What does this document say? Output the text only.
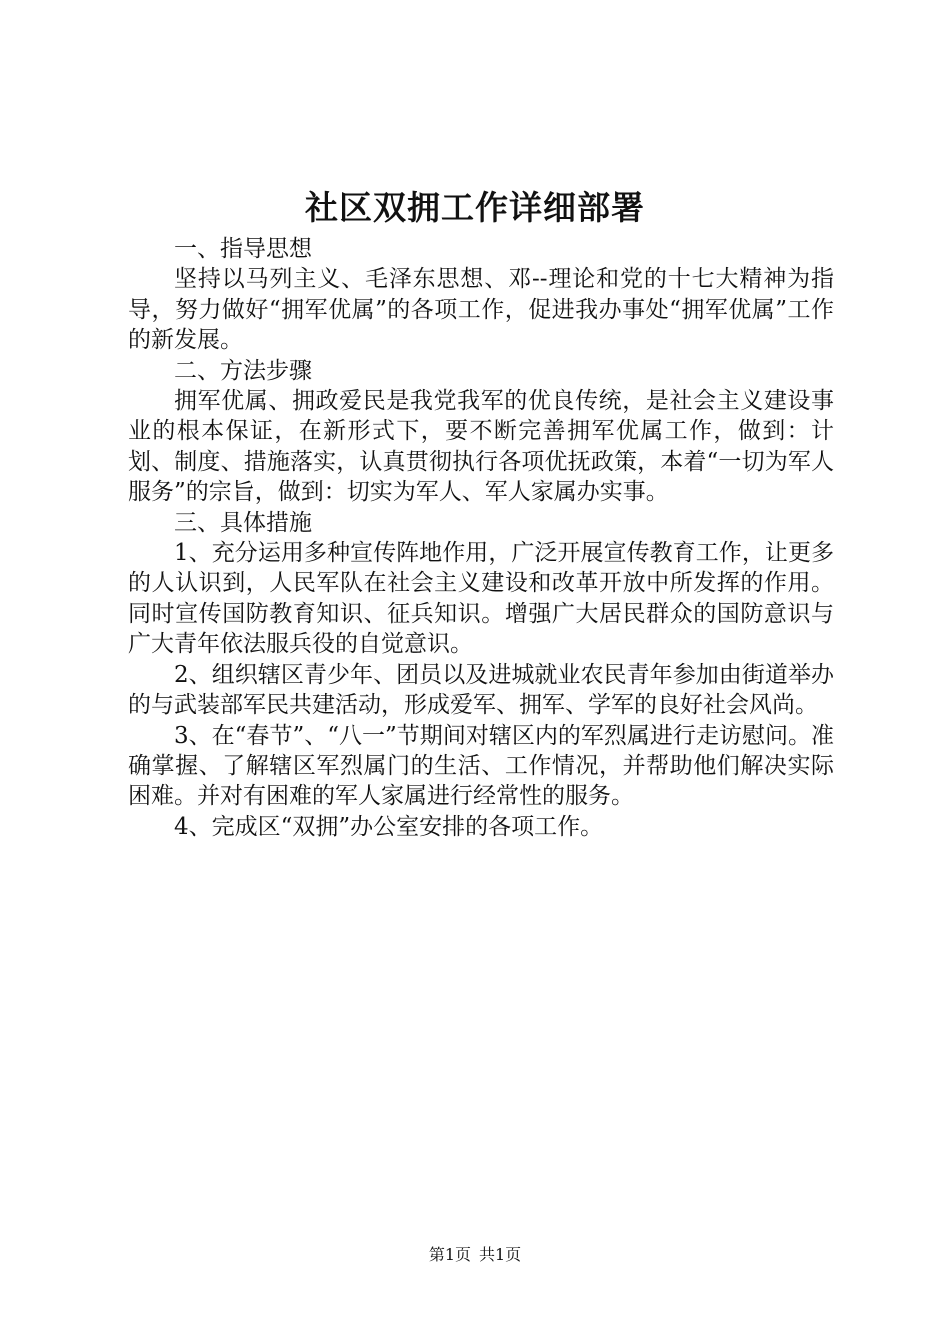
社区双拥工作详细部署

一、指导思想

坚持以马列主义、毛泽东思想、邓--理论和党的十七大精神为指导，努力做好“拥军优属”的各项工作，促进我办事处“拥军优属”工作的新发展。

二、方法步骤

拥军优属、拥政爱民是我党我军的优良传统，是社会主义建设事业的根本保证，在新形式下，要不断完善拥军优属工作，做到：计划、制度、措施落实，认真贯彻执行各项优抚政策，本着“一切为军人服务”的宗旨，做到：切实为军人、军人家属办实事。

三、具体措施

1、充分运用多种宣传阵地作用，广泛开展宣传教育工作，让更多的人认识到，人民军队在社会主义建设和改革开放中所发挥的作用。同时宣传国防教育知识、征兵知识。增强广大居民群众的国防意识与广大青年依法服兵役的自觉意识。

2、组织辖区青少年、团员以及进城就业农民青年参加由街道举办的与武装部军民共建活动，形成爱军、拥军、学军的良好社会风尚。

3、在“春节”、“八一”节期间对辖区内的军烈属进行走访慰问。准确掌握、了解辖区军烈属门的生活、工作情况，并帮助他们解决实际困难。并对有困难的军人家属进行经常性的服务。

4、完成区“双拥”办公室安排的各项工作。

第1页 共1页
